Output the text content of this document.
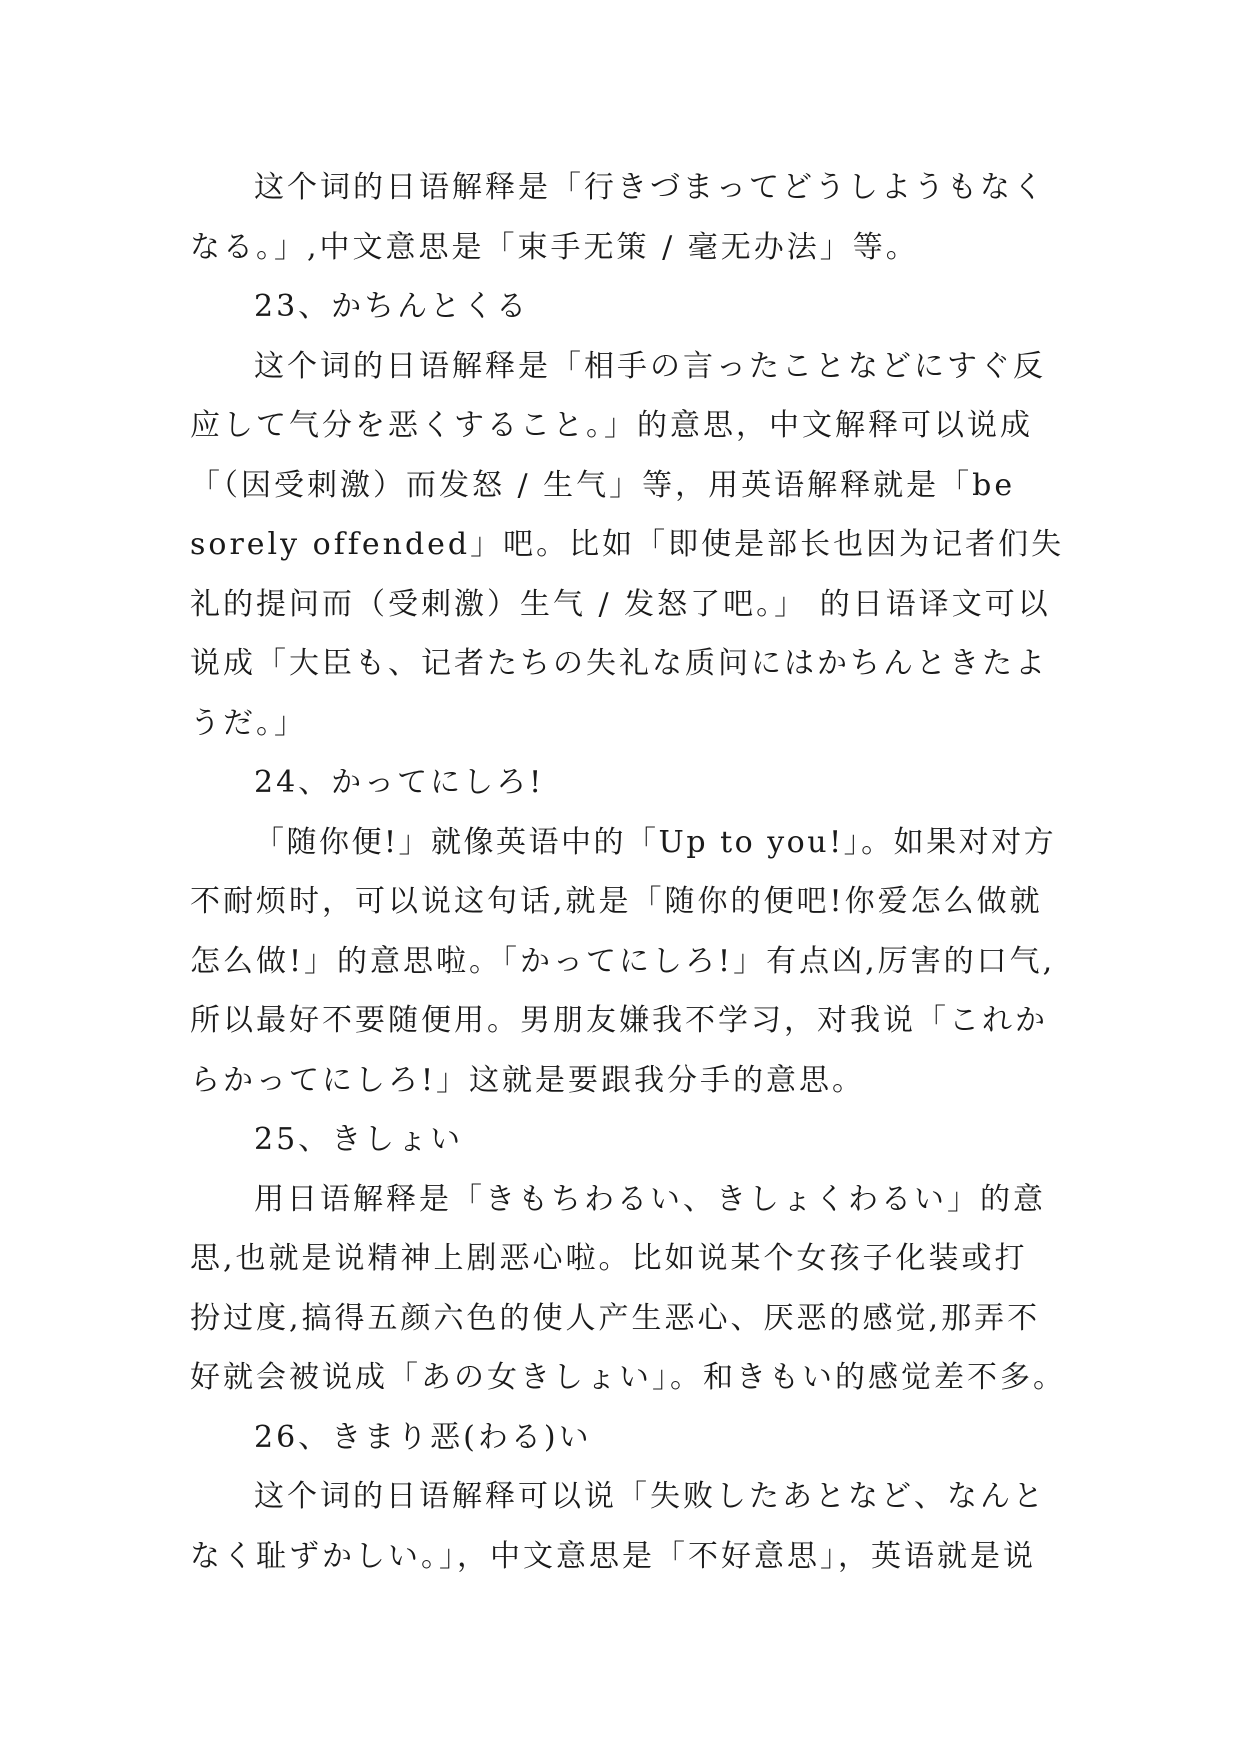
这个词的日语解释是「行きづまってどうしようもなく
なる。」,中文意思是「束手无策 / 毫无办法」等。
23、かちんとくる
这个词的日语解释是「相手の言ったことなどにすぐ反
应して气分を恶くすること。」的意思，中文解释可以说成
「（因受刺激）而发怒 / 生气」等，用英语解释就是「be
sorely offended」吧。比如「即使是部长也因为记者们失
礼的提问而（受刺激）生气 / 发怒了吧。」 的日语译文可以
说成「大臣も、记者たちの失礼な质问にはかちんときたよ
うだ。」
24、かってにしろ!
「随你便!」就像英语中的「Up to you!」。如果对对方
不耐烦时，可以说这句话,就是「随你的便吧!你爱怎么做就
怎么做!」的意思啦。「かってにしろ!」有点凶,厉害的口气,
所以最好不要随便用。男朋友嫌我不学习，对我说「これか
らかってにしろ!」这就是要跟我分手的意思。
25、きしょい
用日语解释是「きもちわるい、きしょくわるい」的意
思,也就是说精神上剧恶心啦。比如说某个女孩子化装或打
扮过度,搞得五颜六色的使人产生恶心、厌恶的感觉,那弄不
好就会被说成「あの女きしょい」。和きもい的感觉差不多。
26、きまり恶(わる)い
这个词的日语解释可以说「失败したあとなど、なんと
なく耻ずかしい。」，中文意思是「不好意思」，英语就是说
